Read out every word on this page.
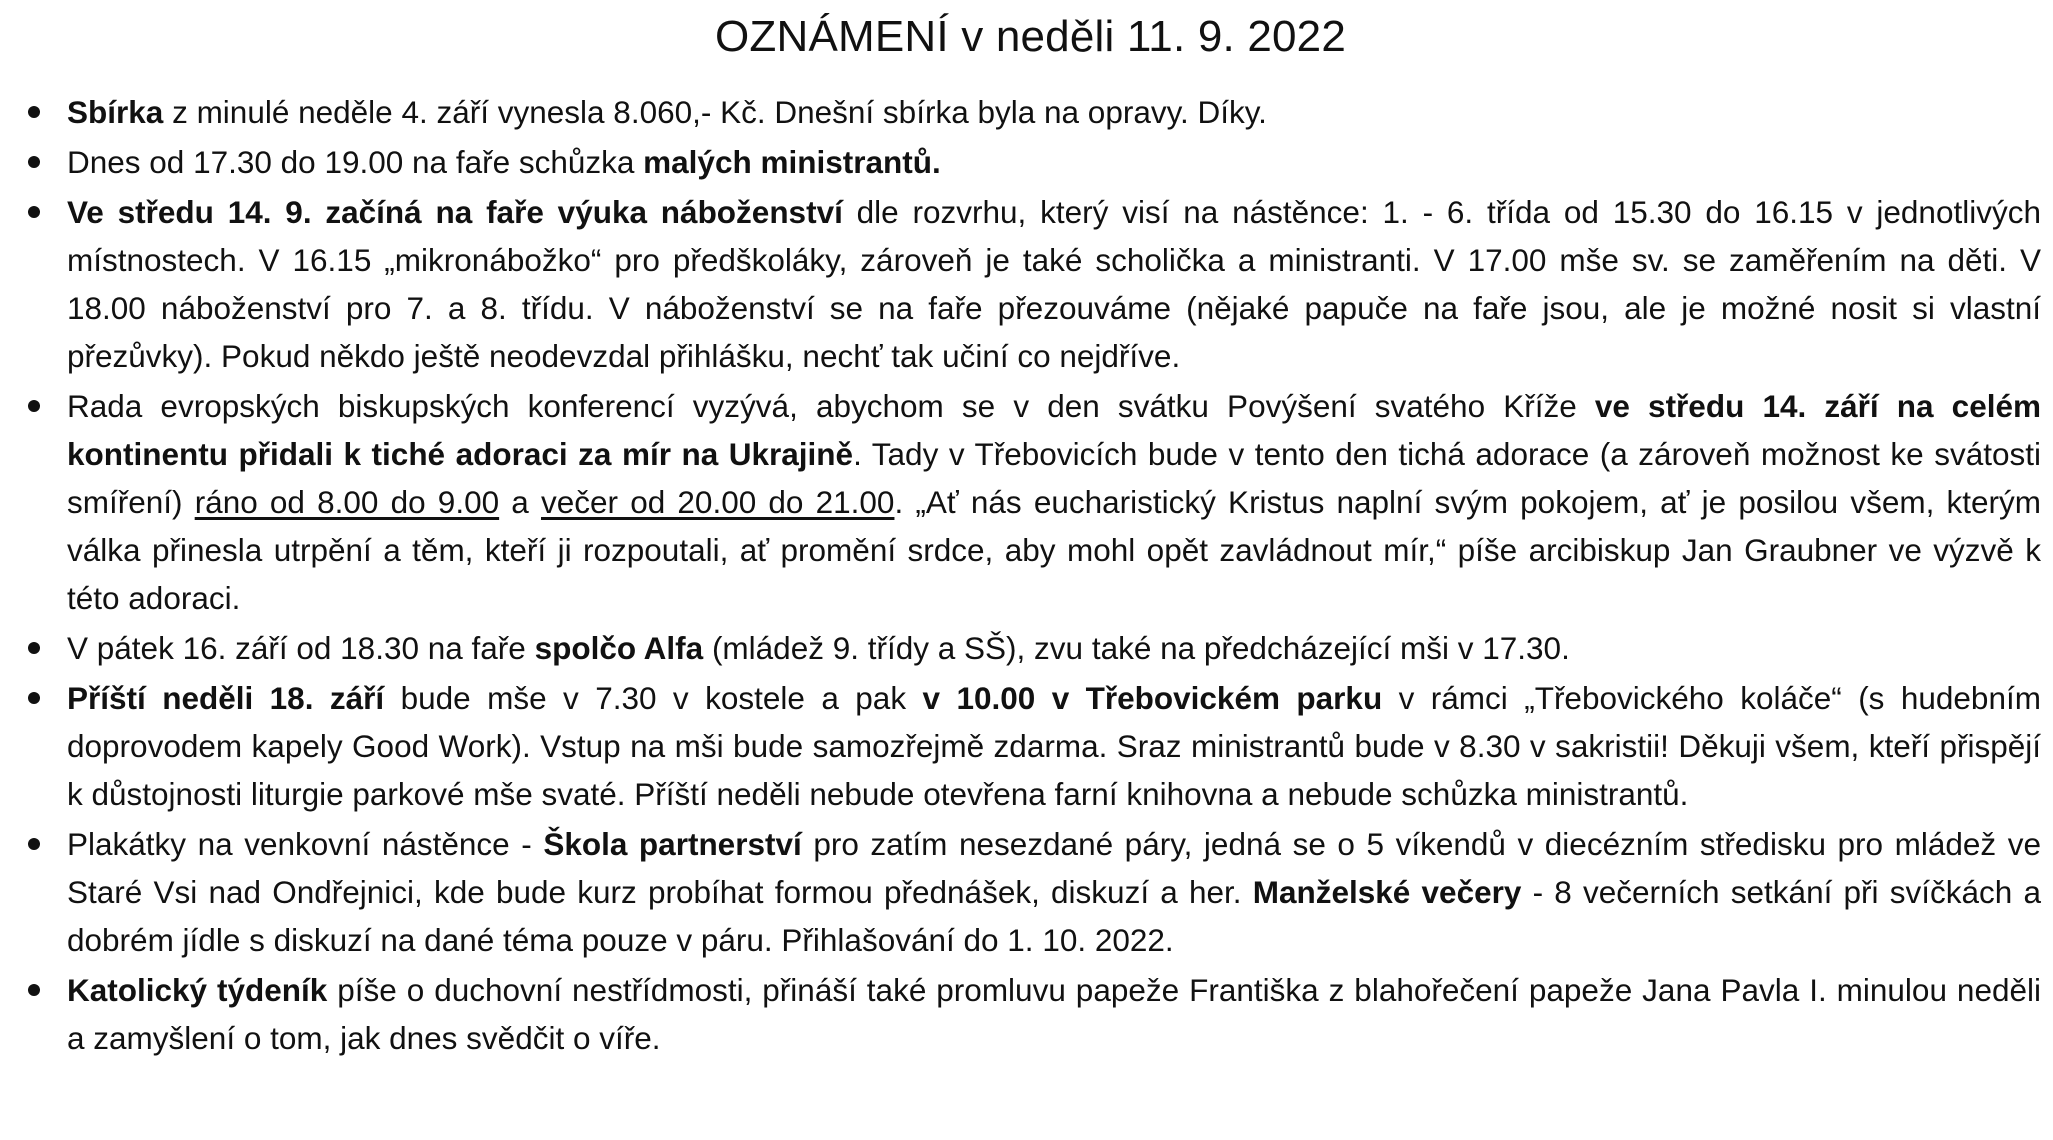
OZNÁMENÍ v neděli 11. 9. 2022
Sbírka z minulé neděle 4. září vynesla 8.060,- Kč. Dnešní sbírka byla na opravy. Díky.
Dnes od 17.30 do 19.00 na faře schůzka malých ministrantů.
Ve středu 14. 9. začíná na faře výuka náboženství dle rozvrhu, který visí na nástěnce: 1. - 6. třída od 15.30 do 16.15 v jednotlivých místnostech. V 16.15 „mikronábožko“ pro předškoláky, zároveň je také scholička a ministranti. V 17.00 mše sv. se zaměřením na děti. V 18.00 náboženství pro 7. a 8. třídu. V náboženství se na faře přezouváme (nějaké papuče na faře jsou, ale je možné nosit si vlastní přezůvky). Pokud někdo ještě neodevzdal přihlášku, nechť tak učiní co nejdříve.
Rada evropských biskupských konferencí vyzývá, abychom se v den svátku Povýšení svatého Kříže ve středu 14. září na celém kontinentu přidali k tiché adoraci za mír na Ukrajině. Tady v Třebovicích bude v tento den tichá adorace (a zároveň možnost ke svátosti smíření) ráno od 8.00 do 9.00 a večer od 20.00 do 21.00. „Ať nás eucharistický Kristus naplní svým pokojem, ať je posilou všem, kterým válka přinesla utrpění a těm, kteří ji rozpoutali, ať promění srdce, aby mohl opět zavládnout mír,“ píše arcibiskup Jan Graubner ve výzvě k této adoraci.
V pátek 16. září od 18.30 na faře spolčo Alfa (mládež 9. třídy a SŠ), zvu také na předcházející mši v 17.30.
Příští neděli 18. září bude mše v 7.30 v kostele a pak v 10.00 v Třebovickém parku v rámci „Třebovického koláče“ (s hudebním doprovodem kapely Good Work). Vstup na mši bude samozřejmě zdarma. Sraz ministrantů bude v 8.30 v sakristii! Děkuji všem, kteří přispějí k důstojnosti liturgie parkové mše svaté. Příští neděli nebude otevřena farní knihovna a nebude schůzka ministrantů.
Plakátky na venkovní nástěnce - Škola partnerství pro zatím nesezdané páry, jedná se o 5 víkendů v diecézním středisku pro mládež ve Staré Vsi nad Ondřejnici, kde bude kurz probíhat formou přednášek, diskuzí a her. Manželské večery - 8 večerních setkání při svíčkách a dobrém jídle s diskuzí na dané téma pouze v páru. Přihlašování do 1. 10. 2022.
Katolický týdeník píše o duchovní nestřídmosti, přináší také promluvu papeže Františka z blahořečení papeže Jana Pavla I. minulou neděli a zamyšlení o tom, jak dnes svědčit o víře.
